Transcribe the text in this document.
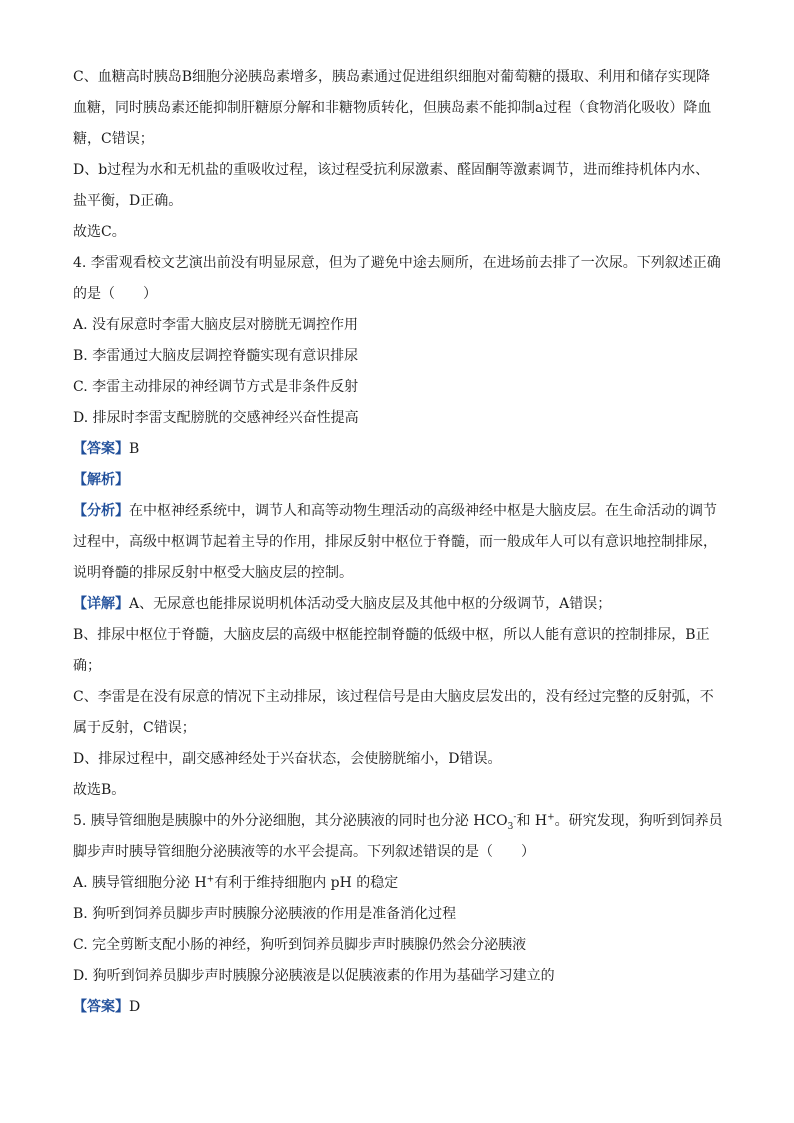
C、血糖高时胰岛B细胞分泌胰岛素增多，胰岛素通过促进组织细胞对葡萄糖的摄取、利用和储存实现降
血糖，同时胰岛素还能抑制肝糖原分解和非糖物质转化，但胰岛素不能抑制a过程（食物消化吸收）降血
糖，C错误；
D、b过程为水和无机盐的重吸收过程，该过程受抗利尿激素、醛固酮等激素调节，进而维持机体内水、
盐平衡，D正确。
故选C。
4. 李雷观看校文艺演出前没有明显尿意，但为了避免中途去厕所，在进场前去排了一次尿。下列叙述正确
的是（　　）
A. 没有尿意时李雷大脑皮层对膀胱无调控作用
B. 李雷通过大脑皮层调控脊髓实现有意识排尿
C. 李雷主动排尿的神经调节方式是非条件反射
D. 排尿时李雷支配膀胱的交感神经兴奋性提高
【答案】B
【解析】
【分析】在中枢神经系统中，调节人和高等动物生理活动的高级神经中枢是大脑皮层。在生命活动的调节
过程中，高级中枢调节起着主导的作用，排尿反射中枢位于脊髓，而一般成年人可以有意识地控制排尿，
说明脊髓的排尿反射中枢受大脑皮层的控制。
【详解】A、无尿意也能排尿说明机体活动受大脑皮层及其他中枢的分级调节，A错误；
B、排尿中枢位于脊髓，大脑皮层的高级中枢能控制脊髓的低级中枢，所以人能有意识的控制排尿，B正
确；
C、李雷是在没有尿意的情况下主动排尿，该过程信号是由大脑皮层发出的，没有经过完整的反射弧，不
属于反射，C错误；
D、排尿过程中，副交感神经处于兴奋状态，会使膀胱缩小，D错误。
故选B。
5. 胰导管细胞是胰腺中的外分泌细胞，其分泌胰液的同时也分泌 $HCO_3^-$和 H+。研究发现，狗听到饲养员
脚步声时胰导管细胞分泌胰液等的水平会提高。下列叙述错误的是（　　）
A. 胰导管细胞分泌 H+有利于维持细胞内 pH 的稳定
B. 狗听到饲养员脚步声时胰腺分泌胰液的作用是准备消化过程
C. 完全剪断支配小肠的神经，狗听到饲养员脚步声时胰腺仍然会分泌胰液
D. 狗听到饲养员脚步声时胰腺分泌胰液是以促胰液素的作用为基础学习建立的
【答案】D
